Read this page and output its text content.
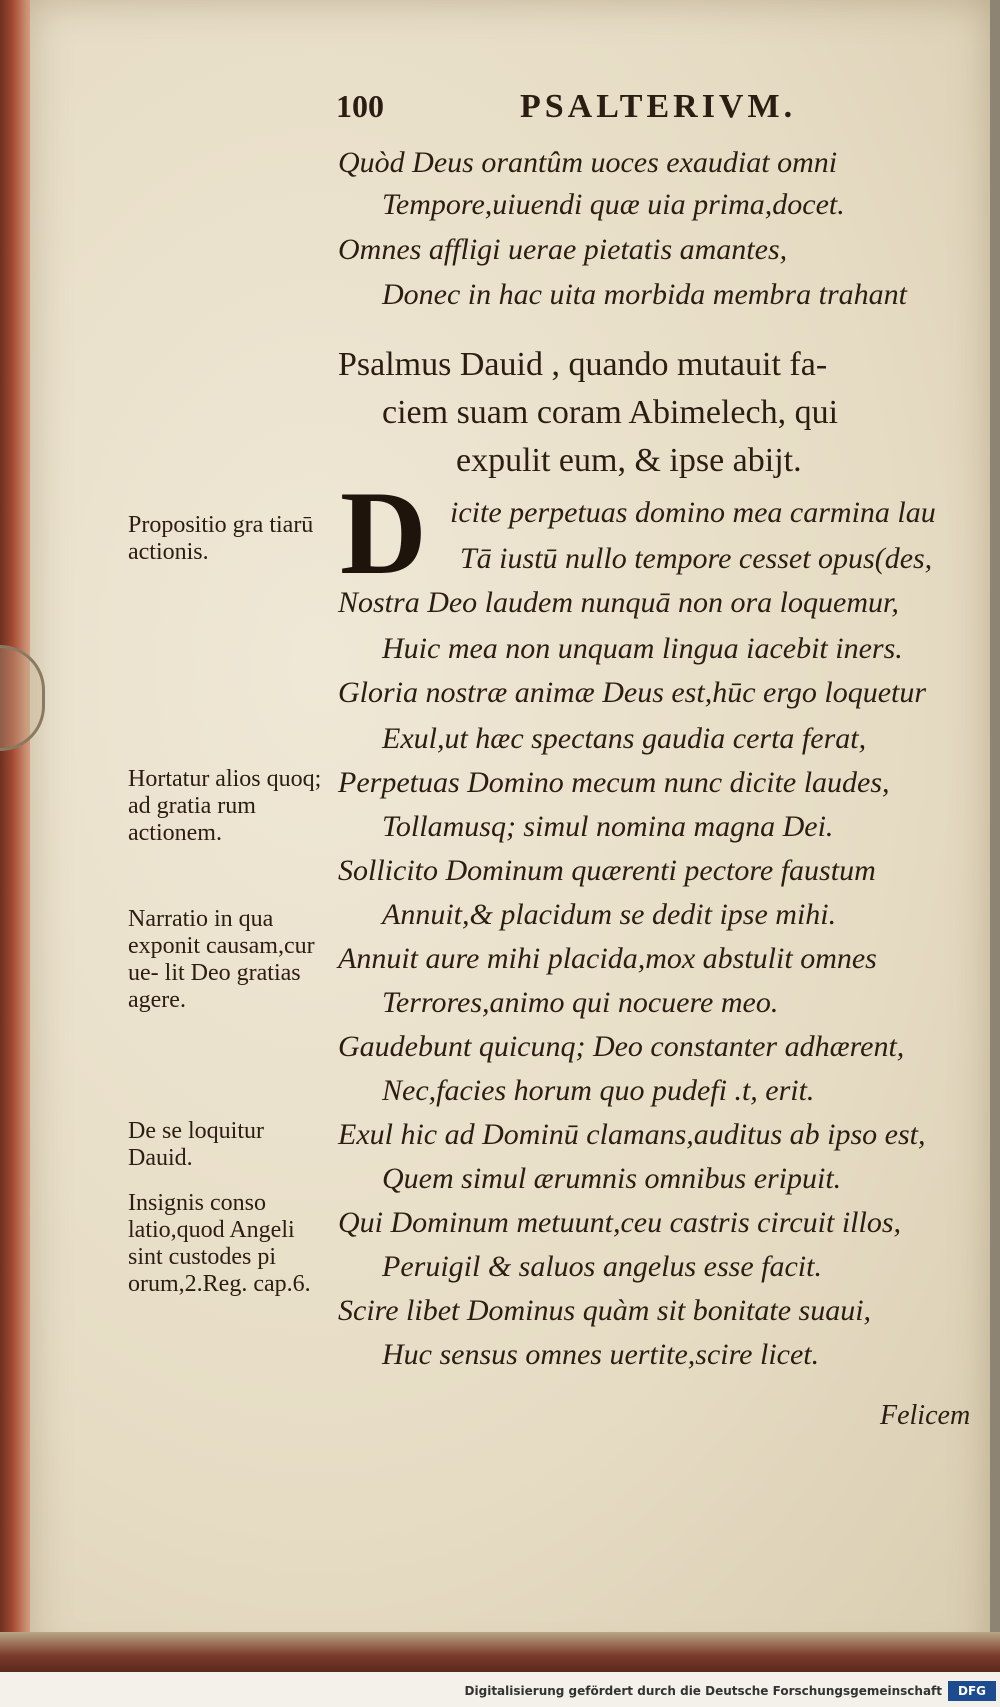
100	PSALTERIVM.
Quòd Deus orantûm uoces exaudiat omni
Tempore,uiuendi quæ uia prima,docet.
Omnes affligi uerae pietatis amantes,
Donec in hac uita morbida membra trahant
Psalmus Dauid , quando mutauit fa-
ciem suam coram Abimelech, qui
expulit eum, & ipse abijt.
D icite perpetuas domino mea carmina lau
Tā iustū nullo tempore cesset opus(des,
Nostra Deo laudem nunquā non ora loquemur,
Huic mea non unquam lingua iacebit iners.
Gloria nostræ animæ Deus est,hūc ergo loquetur
Exul,ut hæc spectans gaudia certa ferat,
Perpetuas Domino mecum nunc dicite laudes,
Tollamusq; simul nomina magna Dei.
Sollicito Dominum quærenti pectore faustum
Annuit,& placidum se dedit ipse mihi.
Annuit aure mihi placida,mox abstulit omnes
Terrores,animo qui nocuere meo.
Gaudebunt quicunq; Deo constanter adhærent,
Nec,facies horum quo pudefi .t, erit.
Exul hic ad Dominū clamans,auditus ab ipso est,
Quem simul ærumnis omnibus eripuit.
Qui Dominum metuunt,ceu castris circuit illos,
Peruigil & saluos angelus esse facit.
Scire libet Dominus quàm sit bonitate suaui,
Huc sensus omnes uertite,scire licet.
Propositio gra tiarū actionis.
Hortatur alios quoq; ad gratia rum actionem.
Narratio in qua exponit causam,cur ue- lit Deo gratias agere.
De se loquitur Dauid.
Insignis conso latio,quod Angeli sint custodes pi orum,2.Reg. cap.6.
Felicem
Digitalisierung gefördert durch die Deutsche Forschungsgemeinschaft	DFG
